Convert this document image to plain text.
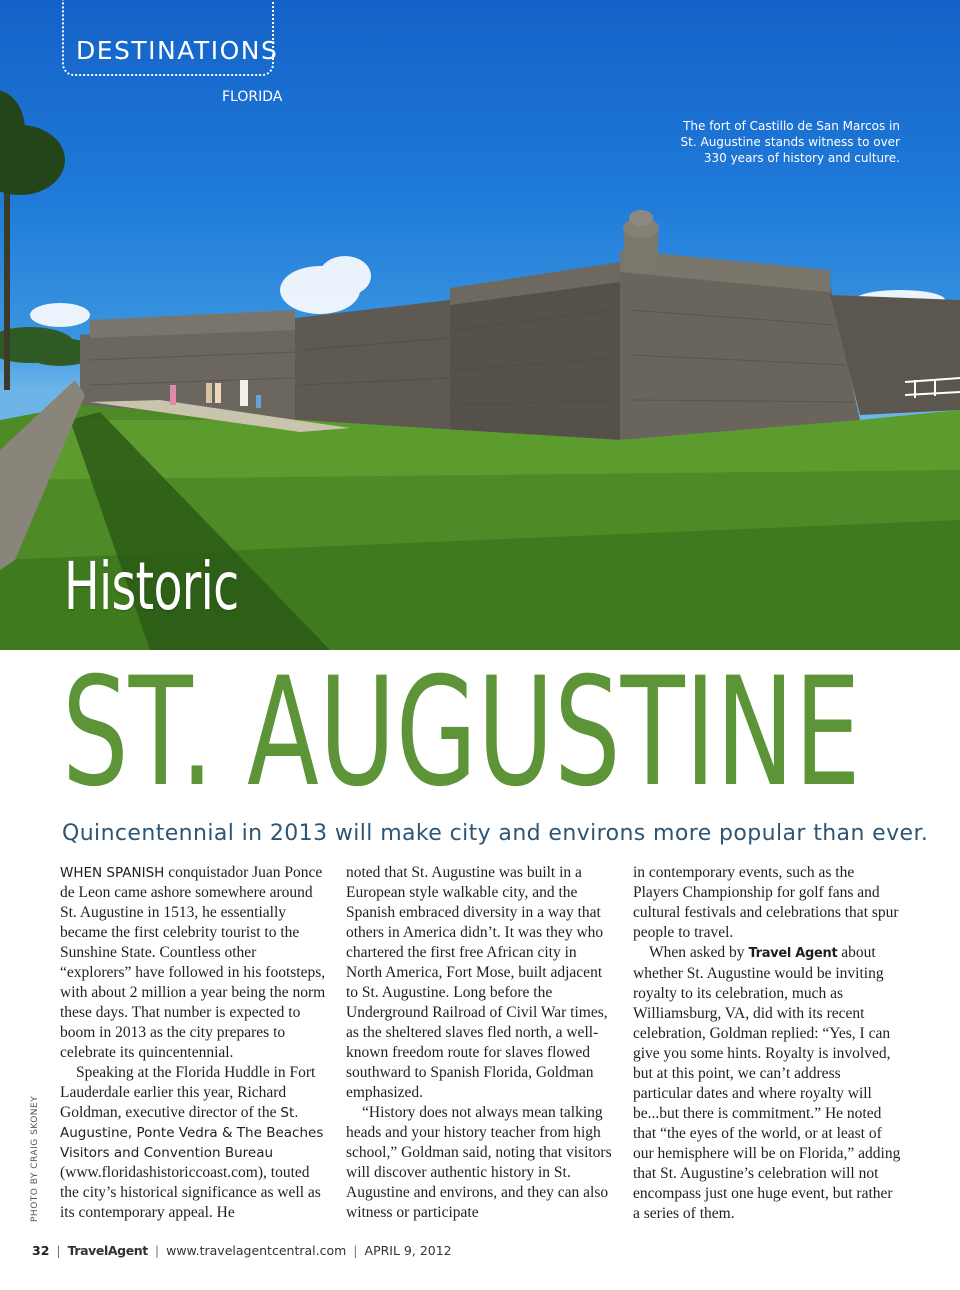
DESTINATIONS
FLORIDA
The fort of Castillo de San Marcos in St. Augustine stands witness to over 330 years of history and culture.
Historic
ST. AUGUSTINE
Quincentennial in 2013 will make city and environs more popular than ever.

WHEN SPANISH conquistador Juan Ponce de Leon came ashore somewhere around St. Augustine in 1513, he essentially became the first celebrity tourist to the Sunshine State. Countless other “explorers” have followed in his footsteps, with about 2 million a year being the norm these days. That number is expected to boom in 2013 as the city prepares to celebrate its quincentennial.

Speaking at the Florida Huddle in Fort Lauderdale earlier this year, Richard Goldman, executive director of the St. Augustine, Ponte Vedra & The Beaches Visitors and Convention Bureau (www.floridashistoriccoast.com), touted the city’s historical significance as well as its contemporary appeal. He

noted that St. Augustine was built in a European style walkable city, and the Spanish embraced diversity in a way that others in America didn’t. It was they who chartered the first free African city in North America, Fort Mose, built adjacent to St. Augustine. Long before the Underground Railroad of Civil War times, as the sheltered slaves fled north, a well-known freedom route for slaves flowed southward to Spanish Florida, Goldman emphasized.

“History does not always mean talking heads and your history teacher from high school,” Goldman said, noting that visitors will discover authentic history in St. Augustine and environs, and they can also witness or participate

in contemporary events, such as the Players Championship for golf fans and cultural festivals and celebrations that spur people to travel.

When asked by Travel Agent about whether St. Augustine would be inviting royalty to its celebration, much as Williamsburg, VA, did with its recent celebration, Goldman replied: “Yes, I can give you some hints. Royalty is involved, but at this point, we can’t address particular dates and where royalty will be...but there is commitment.” He noted that “the eyes of the world, or at least of our hemisphere will be on Florida,” adding that St. Augustine’s celebration will not encompass just one huge event, but rather a series of them.

PHOTO BY CRAIG SKONEY
32 | TravelAgent | www.travelagentcentral.com | APRIL 9, 2012
